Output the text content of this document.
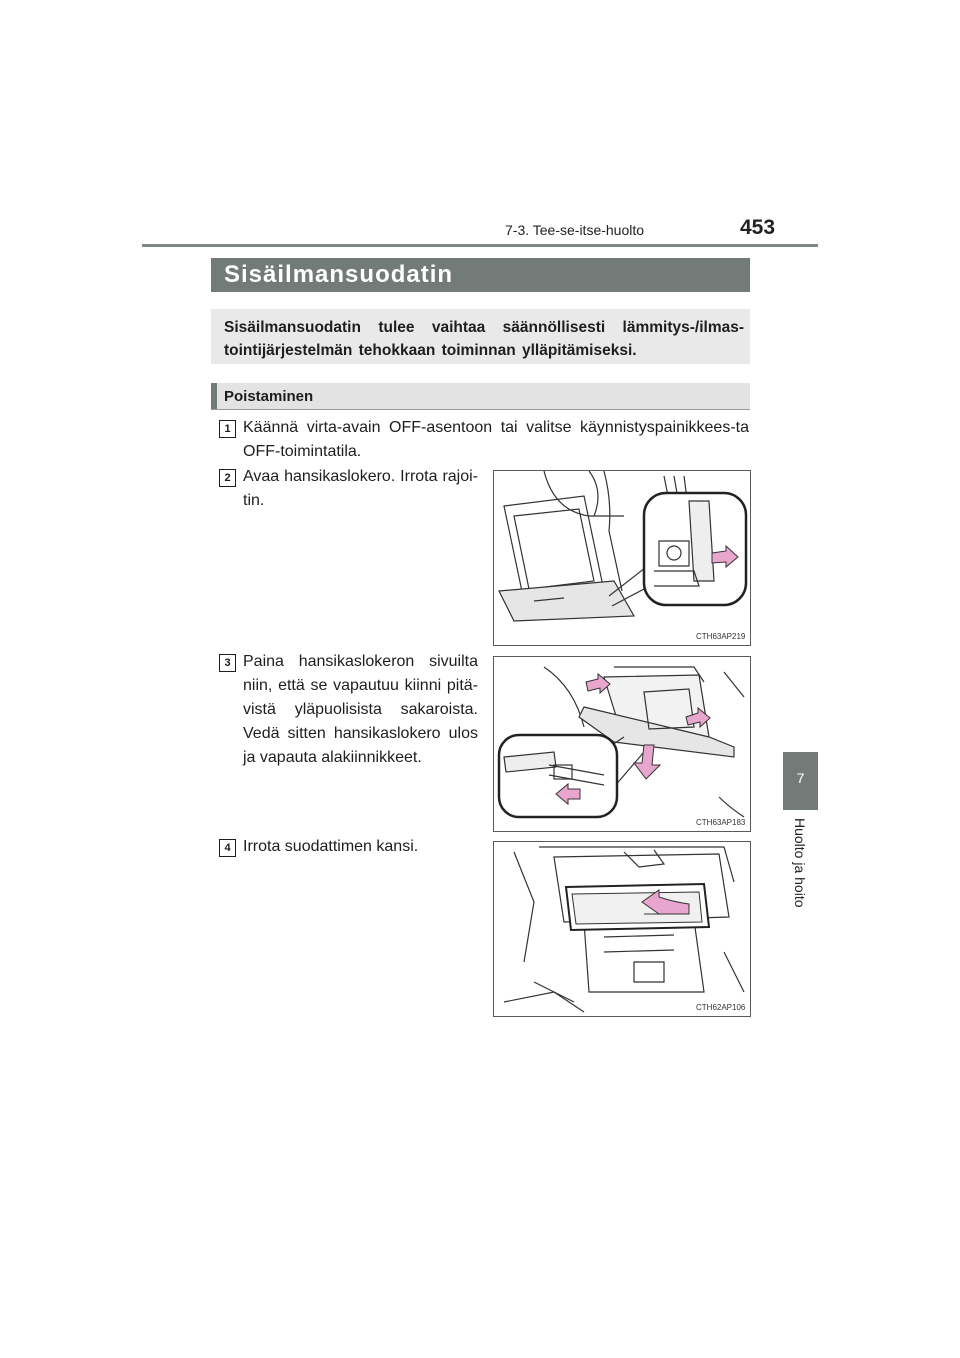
7-3. Tee-se-itse-huolto	453
7
Huolto ja hoito
Sisäilmansuodatin
Sisäilmansuodatin tulee vaihtaa säännöllisesti lämmitys-/ilmas-tointijärjestelmän tehokkaan toiminnan ylläpitämiseksi.
Poistaminen
1 Käännä virta-avain OFF-asentoon tai valitse käynnistyspainikkees-ta OFF-toimintatila.
2 Avaa hansikaslokero. Irrota rajoi-tin.
CTH63AP219
3 Paina hansikaslokeron sivuilta niin, että se vapautuu kiinni pitä-vistä yläpuolisista sakaroista. Vedä sitten hansikaslokero ulos ja vapauta alakiinnikkeet.
CTH63AP183
4 Irrota suodattimen kansi.
CTH62AP106
